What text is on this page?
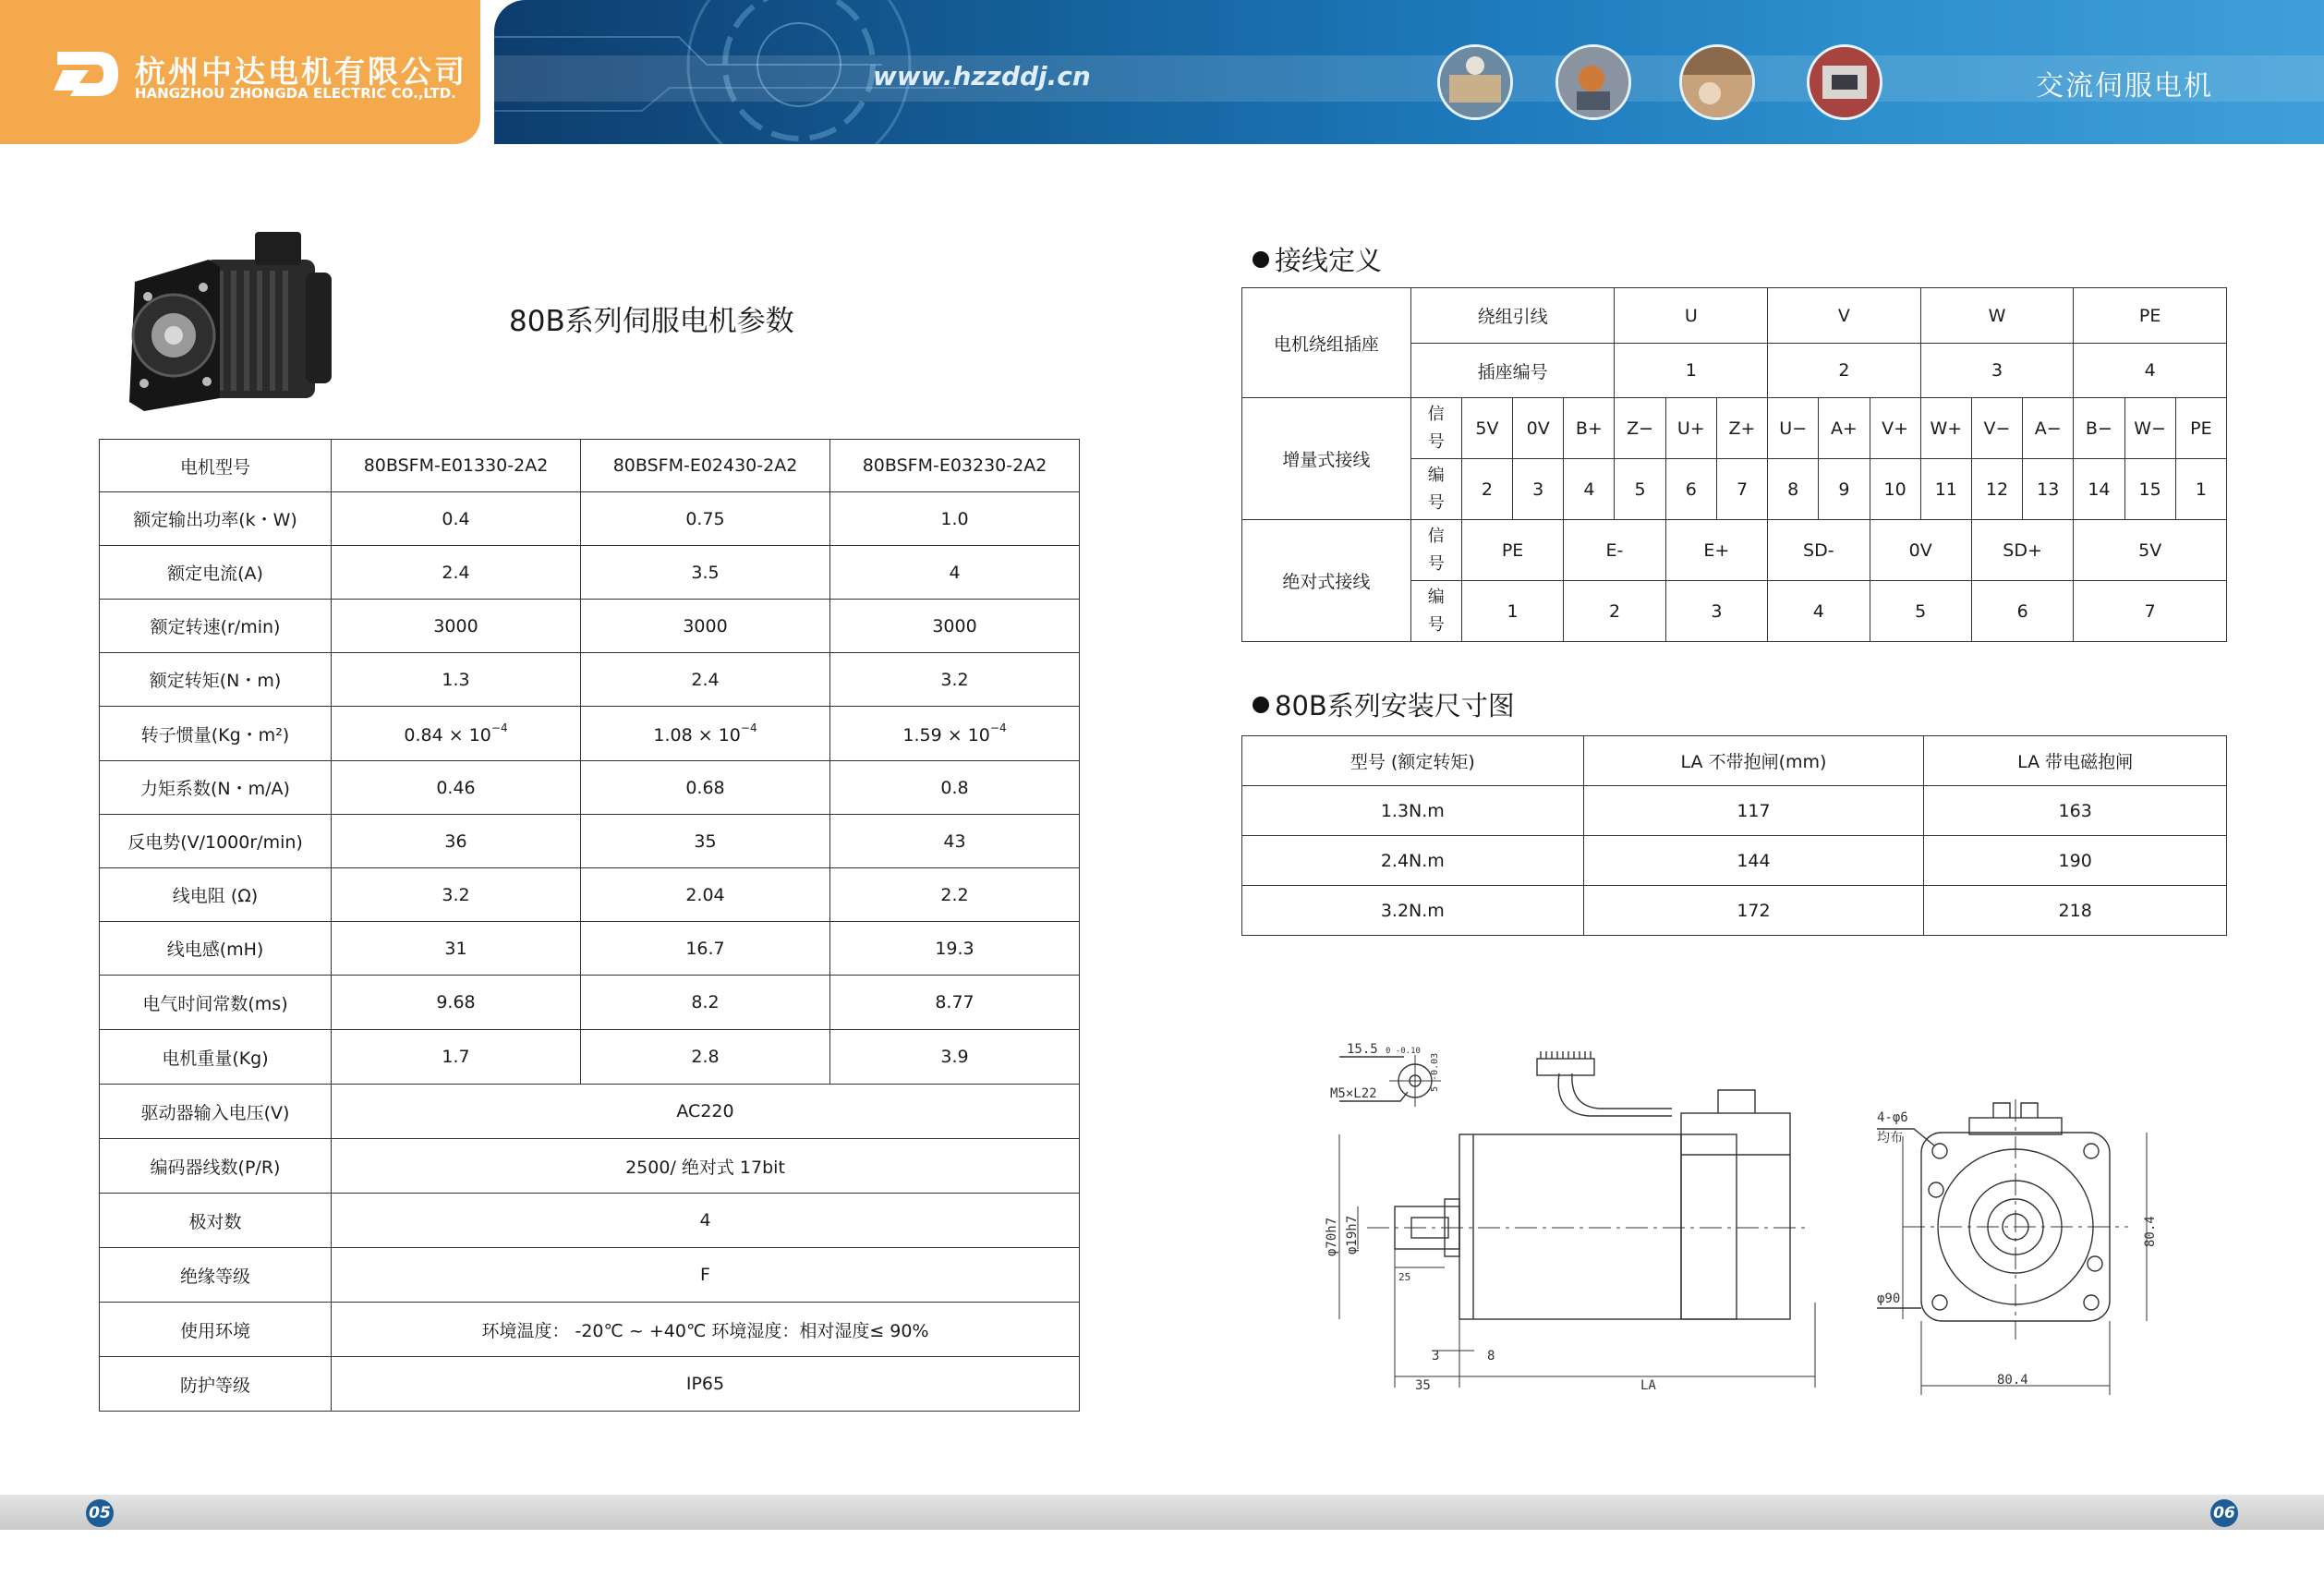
杭州中达电机有限公司
HANGZHOU ZHONGDA ELECTRIC CO.,LTD.
www.hzzddj.cn	交流伺服电机
80B系列伺服电机参数
电机型号	80BSFM-E01330-2A2	80BSFM-E02430-2A2	80BSFM-E03230-2A2
额定输出功率(k・W)	0.4	0.75	1.0
额定电流(A)	2.4	3.5	4
额定转速(r/min)	3000	3000	3000
额定转矩(N・m)	1.3	2.4	3.2
转子惯量(Kg・m²)	$0.84 \times 10^{-4}$	$1.08 \times 10^{-4}$	$1.59 \times 10^{-4}$
力矩系数(N・m/A)	0.46	0.68	0.8
反电势(V/1000r/min)	36	35	43
线电阻 (Ω)	3.2	2.04	2.2
线电感(mH)	31	16.7	19.3
电气时间常数(ms)	9.68	8.2	8.77
电机重量(Kg)	1.7	2.8	3.9
驱动器输入电压(V)	AC220		
编码器线数(P/R)	2500/ 绝对式 17bit		
极对数	4		
绝缘等级	F		
使用环境	环境温度： -20℃ ~ +40℃ 环境湿度：相对湿度≤ 90%		
防护等级	IP65		
接线定义
电机绕组插座	绕组引线				U			V			W			PE		
	插座编号				1			2			3			4		
增量式接线	信号	5V	0V	B+	Z−	U+	Z+	U−	A+	V+	W+	V−	A−	B−	W−	PE
	编号	2	3	4	5	6	7	8	9	10	11	12	13	14	15	1
绝对式接线	信号	PE		E-		E+		SD-		0V		SD+		5V		
	编号	1		2		3		4		5		6		7		
80B系列安装尺寸图
型号 (额定转矩)	LA 不带抱闸(mm)	LA 带电磁抱闸
1.3N.m	117	163
2.4N.m	144	190
3.2N.m	172	218
15.5 0 -0.10
5 -0.03
M5×L22
φ70h7 φ19h7
25
3	8
35	LA
4-φ6
均布
φ90
80.4
80.4
05	06
